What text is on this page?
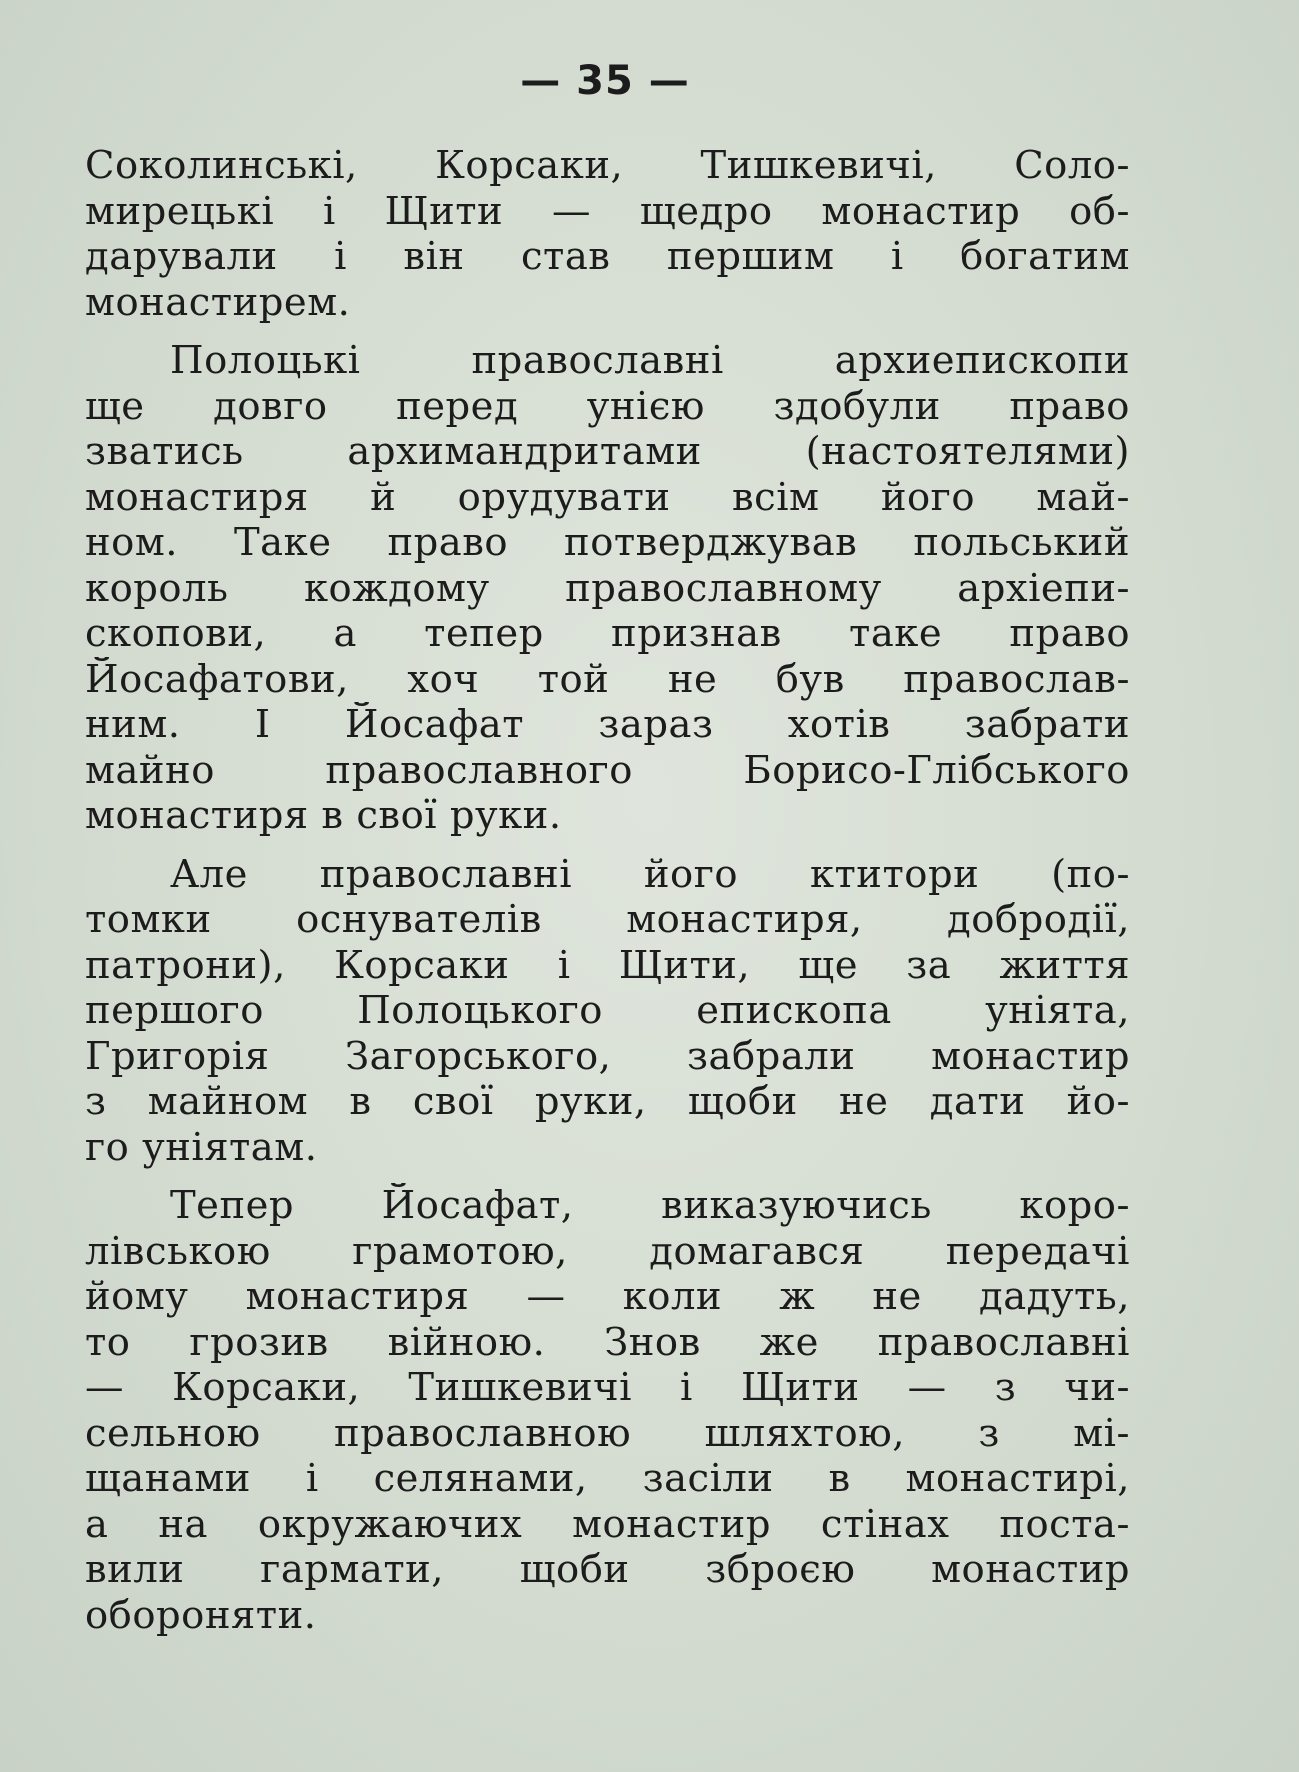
— 35 —
Соколинські, Корсаки, Тишкевичі, Соло-
мирецькі і Щити — щедро монастир об-
дарували і він став першим і богатим
монастирем.
Полоцькі православні архиепископи
ще довго перед унією здобули право
зватись архимандритами (настоятелями)
монастиря й орудувати всім його май-
ном. Таке право потверджував польський
король кождому православному архіепи-
скопови, а тепер признав таке право
Йосафатови, хоч той не був православ-
ним. І Йосафат зараз хотів забрати
майно православного Борисо-Глібського
монастиря в свої руки.
Але православні його ктитори (по-
томки оснувателів монастиря, добродії,
патрони), Корсаки і Щити, ще за життя
першого Полоцького епископа унiята,
Григорія Загорського, забрали монастир
з майном в свої руки, щоби не дати йо-
го уніятам.
Тепер Йосафат, виказуючись коро-
лівською грамотою, домагався передачі
йому монастиря — коли ж не дадуть,
то грозив війною. Знов же православні
— Корсаки, Тишкевичі і Щити — з чи-
сельною православною шляхтою, з мі-
щанами і селянами, засіли в монастирі,
а на окружаючих монастир стінах поста-
вили гармати, щоби зброєю монастир
обороняти.
